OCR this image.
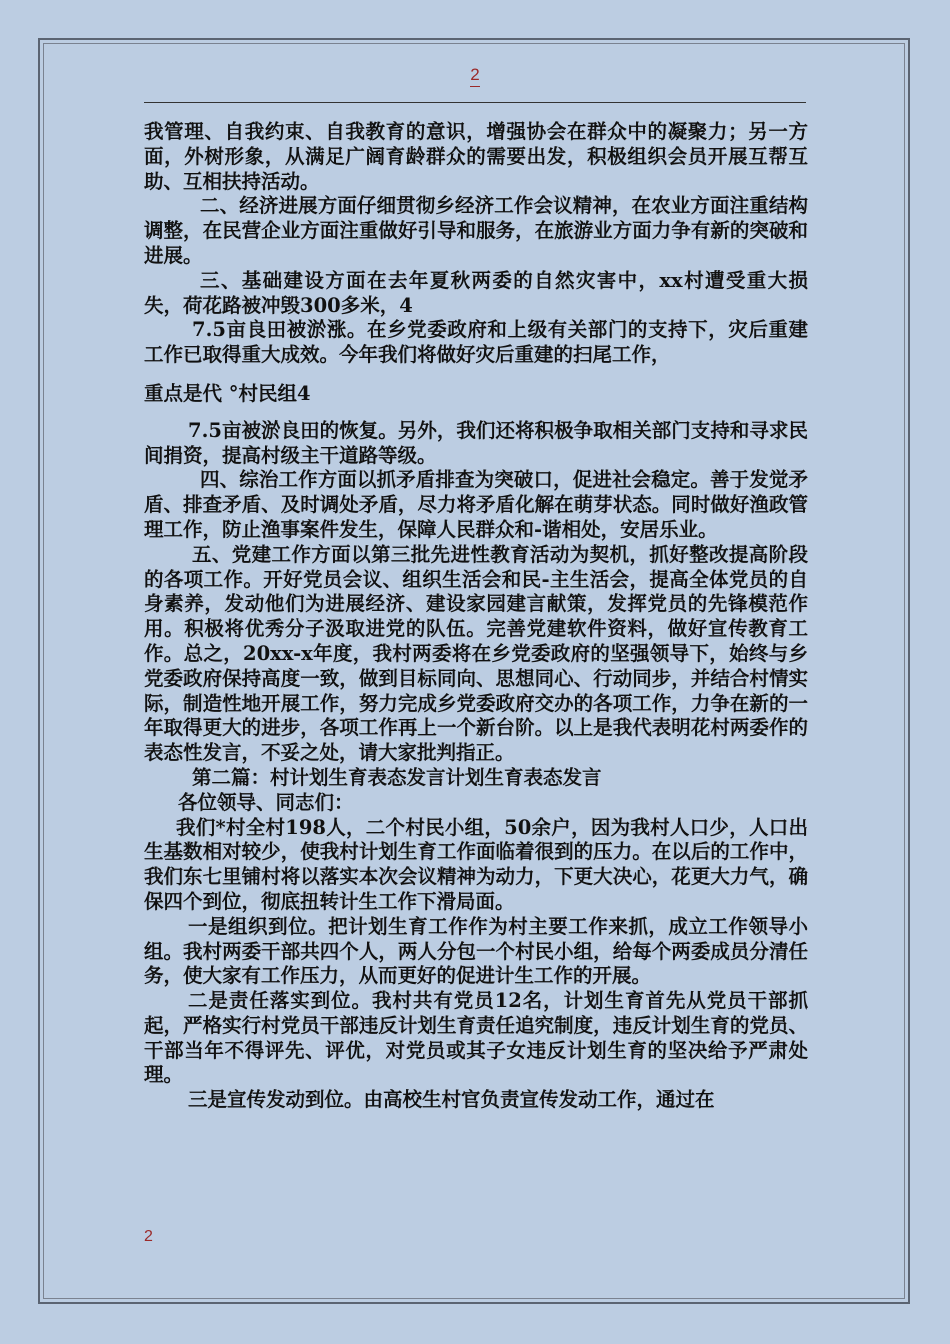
2

我管理、自我约束、自我教育的意识，增强协会在群众中的凝聚力；另一方面，外树形象，从满足广阔育龄群众的需要出发，积极组织会员开展互帮互助、互相扶持活动。

二、经济进展方面仔细贯彻乡经济工作会议精神，在农业方面注重结构调整，在民营企业方面注重做好引导和服务，在旅游业方面力争有新的突破和进展。

三、基础建设方面在去年夏秋两委的自然灾害中，xx村遭受重大损失，荷花路被冲毁300多米，4

7.5亩良田被淤涨。在乡党委政府和上级有关部门的支持下，灾后重建工作已取得重大成效。今年我们将做好灾后重建的扫尾工作，

重点是代 °村民组4

7.5亩被淤良田的恢复。另外，我们还将积极争取相关部门支持和寻求民间捐资，提高村级主干道路等级。

四、综治工作方面以抓矛盾排查为突破口，促进社会稳定。善于发觉矛盾、排查矛盾、及时调处矛盾，尽力将矛盾化解在萌芽状态。同时做好渔政管理工作，防止渔事案件发生，保障人民群众和-谐相处，安居乐业。

五、党建工作方面以第三批先进性教育活动为契机，抓好整改提高阶段的各项工作。开好党员会议、组织生活会和民-主生活会，提高全体党员的自身素养，发动他们为进展经济、建设家园建言献策，发挥党员的先锋模范作用。积极将优秀分子汲取进党的队伍。完善党建软件资料，做好宣传教育工作。总之，20xx-x年度，我村两委将在乡党委政府的坚强领导下，始终与乡党委政府保持高度一致，做到目标同向、思想同心、行动同步，并结合村情实际，制造性地开展工作，努力完成乡党委政府交办的各项工作，力争在新的一年取得更大的进步，各项工作再上一个新台阶。以上是我代表明花村两委作的表态性发言，不妥之处，请大家批判指正。

第二篇：村计划生育表态发言计划生育表态发言

各位领导、同志们：

我们*村全村198人，二个村民小组，50余户，因为我村人口少，人口出生基数相对较少，使我村计划生育工作面临着很到的压力。在以后的工作中，我们东七里铺村将以落实本次会议精神为动力，下更大决心，花更大力气，确保四个到位，彻底扭转计生工作下滑局面。

一是组织到位。把计划生育工作作为村主要工作来抓，成立工作领导小组。我村两委干部共四个人，两人分包一个村民小组，给每个两委成员分清任务，使大家有工作压力，从而更好的促进计生工作的开展。

二是责任落实到位。我村共有党员12名，计划生育首先从党员干部抓起，严格实行村党员干部违反计划生育责任追究制度，违反计划生育的党员、干部当年不得评先、评优，对党员或其子女违反计划生育的坚决给予严肃处理。

三是宣传发动到位。由高校生村官负责宣传发动工作，通过在

2
